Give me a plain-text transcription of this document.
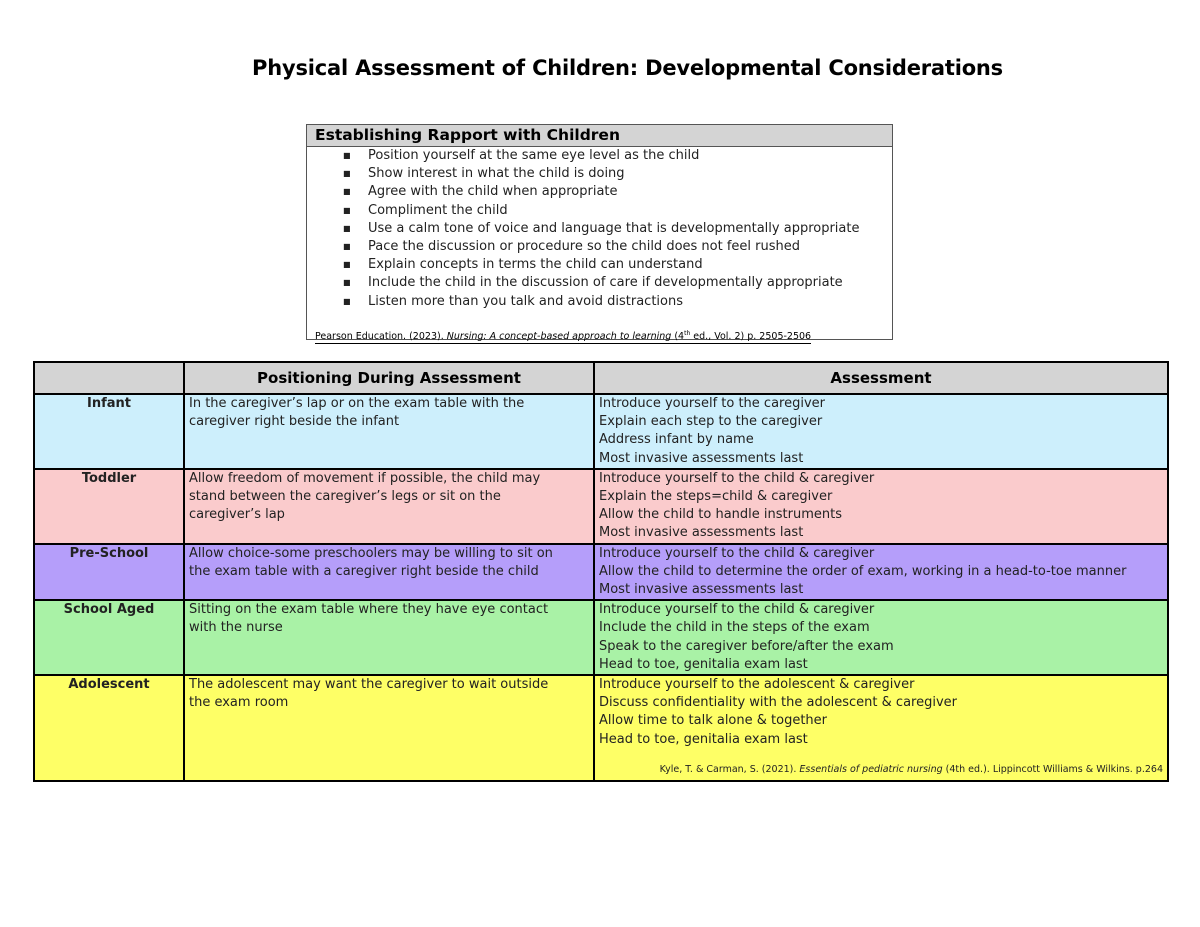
Physical Assessment of Children: Developmental Considerations
Establishing Rapport with Children
■ Position yourself at the same eye level as the child
■ Show interest in what the child is doing
■ Agree with the child when appropriate
■ Compliment the child
■ Use a calm tone of voice and language that is developmentally appropriate
■ Pace the discussion or procedure so the child does not feel rushed
■ Explain concepts in terms the child can understand
■ Include the child in the discussion of care if developmentally appropriate
■ Listen more than you talk and avoid distractions
Pearson Education. (2023). Nursing: A concept-based approach to learning (4th ed., Vol. 2) p. 2505-2506
	Positioning During Assessment	Assessment
Infant	In the caregiver’s lap or on the exam table with the
caregiver right beside the infant	Introduce yourself to the caregiver
Explain each step to the caregiver
Address infant by name
Most invasive assessments last

Toddler	Allow freedom of movement if possible, the child may
stand between the caregiver’s legs or sit on the
caregiver’s lap	Introduce yourself to the child & caregiver
Explain the steps=child & caregiver
Allow the child to handle instruments
Most invasive assessments last

Pre-School	Allow choice-some preschoolers may be willing to sit on
the exam table with a caregiver right beside the child	Introduce yourself to the child & caregiver
Allow the child to determine the order of exam, working in a head-to-toe manner
Most invasive assessments last

School Aged	Sitting on the exam table where they have eye contact
with the nurse	Introduce yourself to the child & caregiver
Include the child in the steps of the exam
Speak to the caregiver before/after the exam
Head to toe, genitalia exam last

Adolescent	The adolescent may want the caregiver to wait outside
the exam room	Introduce yourself to the adolescent & caregiver
Discuss confidentiality with the adolescent & caregiver
Allow time to talk alone & together
Head to toe, genitalia exam last
Kyle, T. & Carman, S. (2021). Essentials of pediatric nursing (4th ed.). Lippincott Williams & Wilkins. p.264
